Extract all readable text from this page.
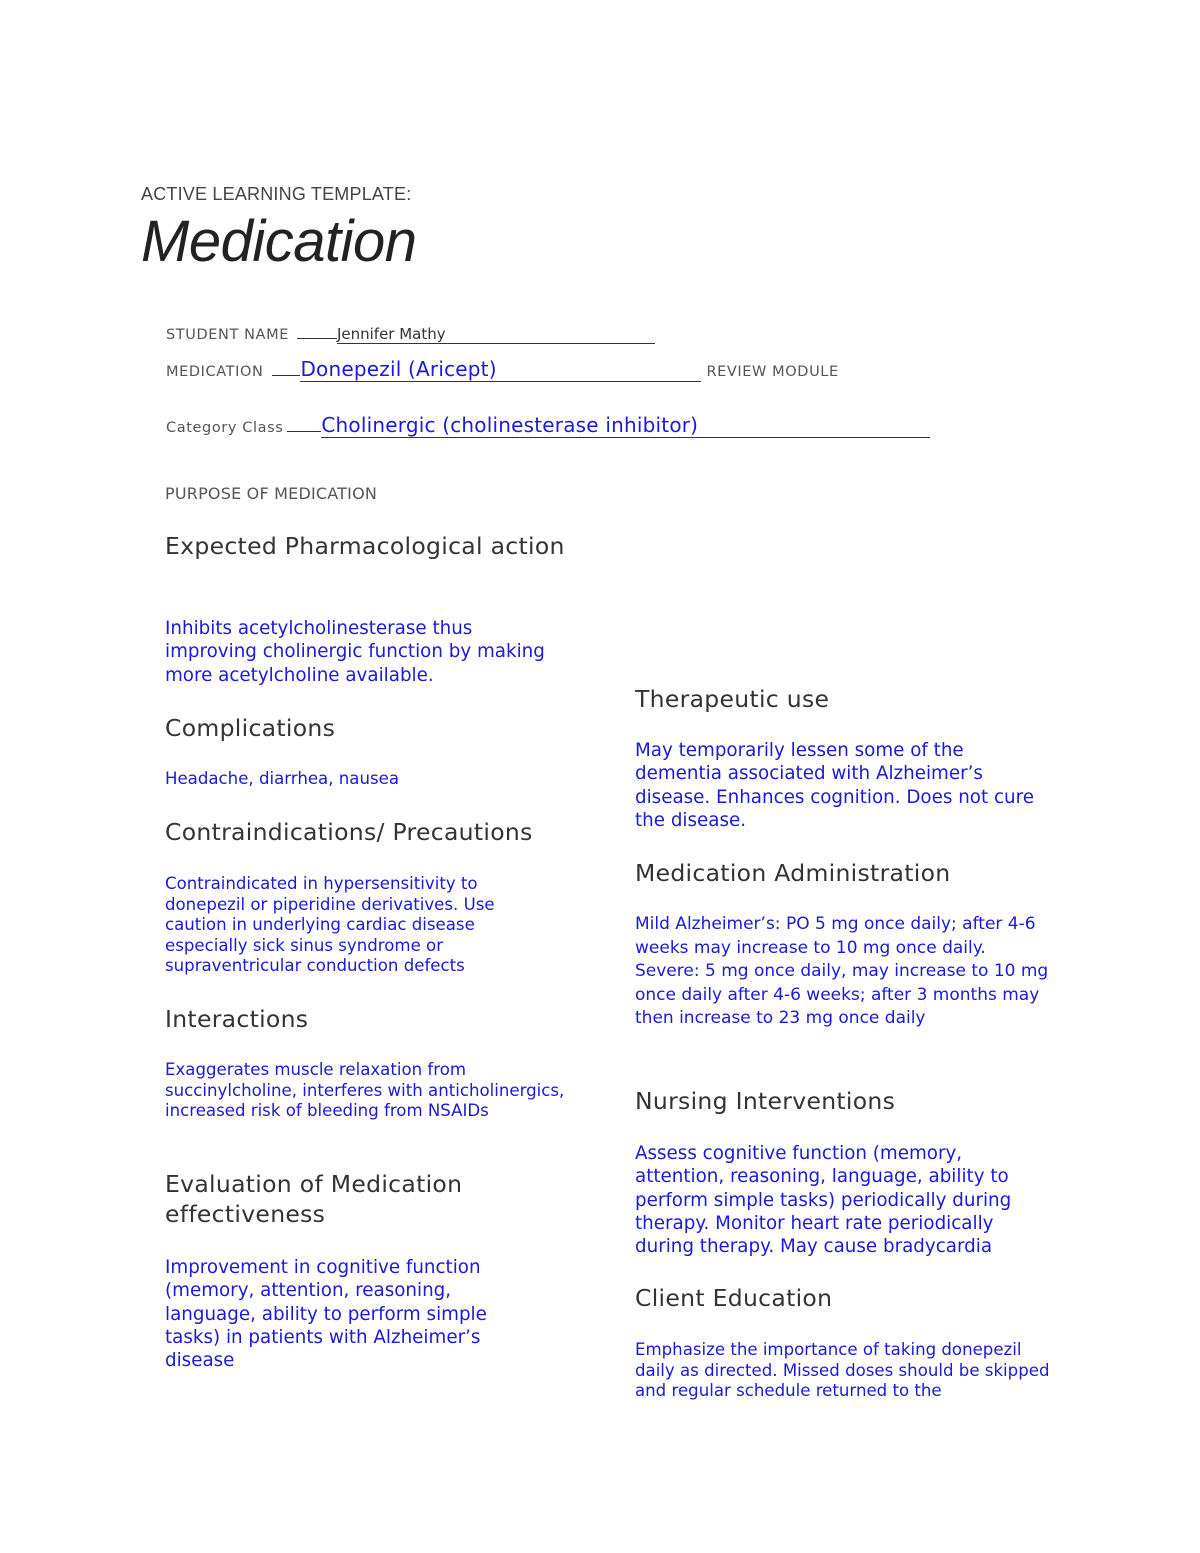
ACTIVE LEARNING TEMPLATE:
Medication
STUDENT NAME	Jennifer Mathy
MEDICATION Donepezil (Aricept)	REVIEW MODULE
Category Class Cholinergic (cholinesterase inhibitor)
PURPOSE OF MEDICATION
Expected Pharmacological action
Inhibits acetylcholinesterase thus improving cholinergic function by making more acetylcholine available.
Complications
Headache, diarrhea, nausea
Contraindications/ Precautions
Contraindicated in hypersensitivity to donepezil or piperidine derivatives. Use caution in underlying cardiac disease especially sick sinus syndrome or supraventricular conduction defects
Interactions
Exaggerates muscle relaxation from succinylcholine, interferes with anticholinergics, increased risk of bleeding from NSAIDs
Evaluation of Medication effectiveness
Improvement in cognitive function (memory, attention, reasoning, language, ability to perform simple tasks) in patients with Alzheimer’s disease
Therapeutic use
May temporarily lessen some of the dementia associated with Alzheimer’s disease. Enhances cognition. Does not cure the disease.
Medication Administration
Mild Alzheimer’s: PO 5 mg once daily; after 4-6 weeks may increase to 10 mg once daily. Severe: 5 mg once daily, may increase to 10 mg once daily after 4-6 weeks; after 3 months may then increase to 23 mg once daily
Nursing Interventions
Assess cognitive function (memory, attention, reasoning, language, ability to perform simple tasks) periodically during therapy. Monitor heart rate periodically during therapy. May cause bradycardia
Client Education
Emphasize the importance of taking donepezil daily as directed. Missed doses should be skipped and regular schedule returned to the
